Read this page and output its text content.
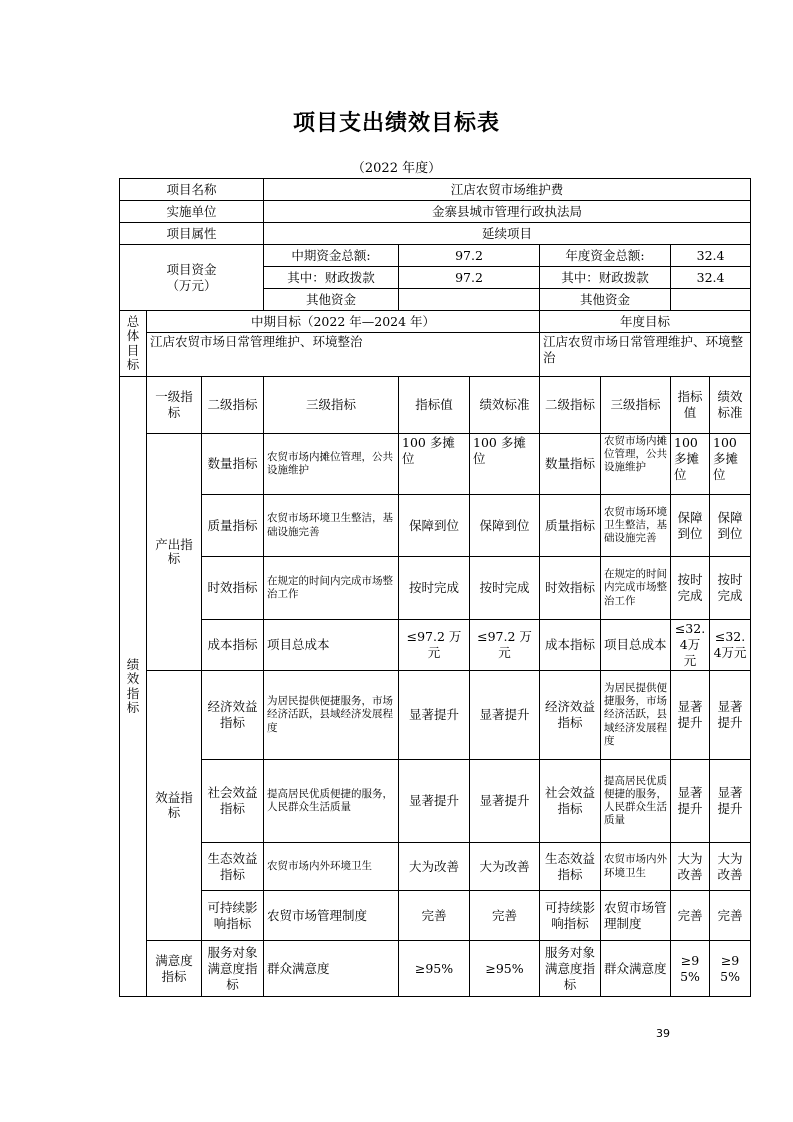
项目支出绩效目标表
（2022 年度）
项目名称			江店农贸市场维护费						
实施单位			金寨县城市管理行政执法局						
项目属性			延续项目						
项目资金
（万元）			中期资金总额:	97.2		年度资金总额:		32.4	
			其中：财政拨款	97.2		其中：财政拨款		32.4	
			其他资金			其他资金			
总体目标	中期目标（2022 年—2024 年）					年度目标			
	江店农贸市场日常管理维护、环境整治					江店农贸市场日常管理维护、环境整治			
绩效指标	一级指标	二级指标	三级指标	指标值	绩效标准	二级指标	三级指标	指标值	绩效标准
	产出指标	数量指标	农贸市场内摊位管理，公共设施维护	100 多摊位	100 多摊位	数量指标	农贸市场内摊位管理，公共设施维护	100多摊位	100多摊位
		质量指标	农贸市场环境卫生整洁，基础设施完善	保障到位	保障到位	质量指标	农贸市场环境卫生整洁，基础设施完善	保障到位	保障到位
		时效指标	在规定的时间内完成市场整治工作	按时完成	按时完成	时效指标	在规定的时间内完成市场整治工作	按时完成	按时完成
		成本指标	项目总成本	≤97.2 万元	≤97.2 万元	成本指标	项目总成本	≤32.4万元	≤32.4万元
	效益指标	经济效益指标	为居民提供便捷服务，市场经济活跃，县域经济发展程度	显著提升	显著提升	经济效益指标	为居民提供便捷服务，市场经济活跃，县域经济发展程度	显著提升	显著提升
		社会效益指标	提高居民优质便捷的服务，人民群众生活质量	显著提升	显著提升	社会效益指标	提高居民优质便捷的服务，人民群众生活质量	显著提升	显著提升
		生态效益指标	农贸市场内外环境卫生	大为改善	大为改善	生态效益指标	农贸市场内外环境卫生	大为改善	大为改善
		可持续影响指标	农贸市场管理制度	完善	完善	可持续影响指标	农贸市场管理制度	完善	完善
	满意度指标	服务对象满意度指标	群众满意度	≥95%	≥95%	服务对象满意度指标	群众满意度	≥95%	≥95%
39
